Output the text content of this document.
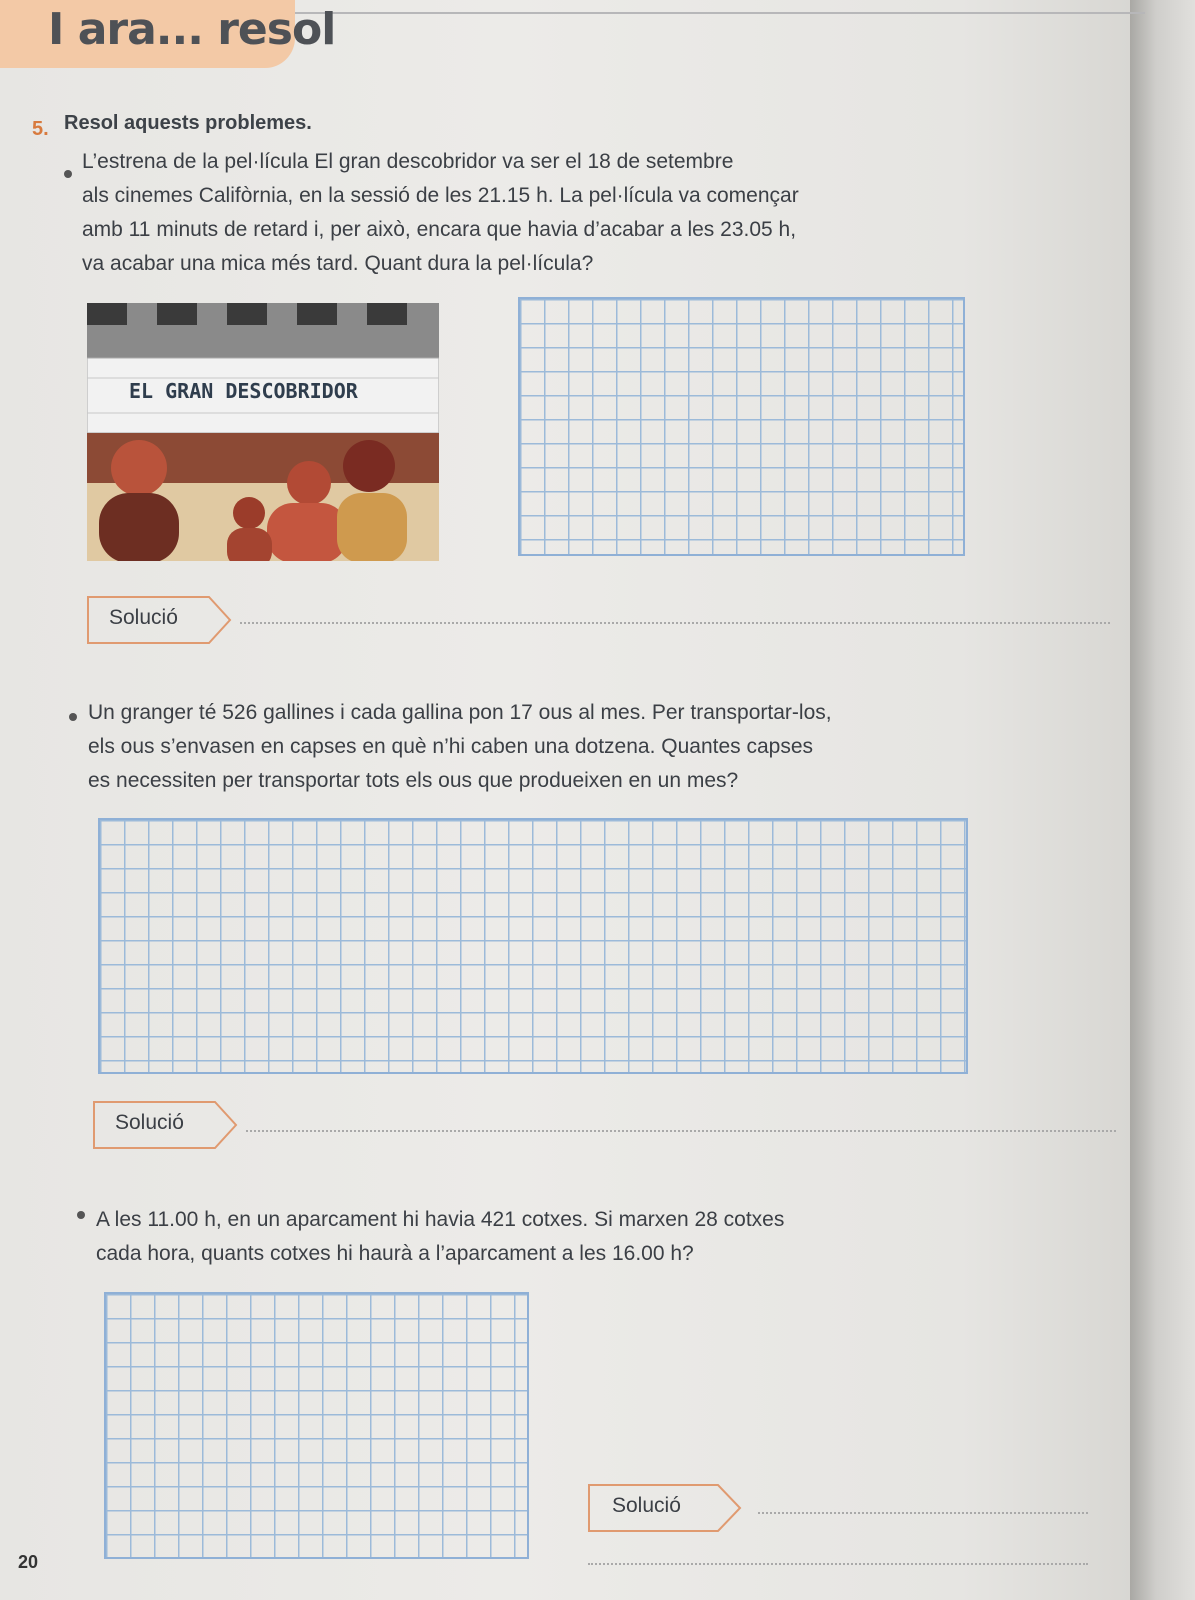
I ara... resol
5. Resol aquests problemes.

L’estrena de la pel·lícula El gran descobridor va ser el 18 de setembre

als cinemes Califòrnia, en la sessió de les 21.15 h. La pel·lícula va començar

amb 11 minuts de retard i, per això, encara que havia d’acabar a les 23.05 h,

va acabar una mica més tard. Quant dura la pel·lícula?

EL GRAN DESCOBRIDOR
Solució

Un granger té 526 gallines i cada gallina pon 17 ous al mes. Per transportar-los,

els ous s’envasen en capses en què n’hi caben una dotzena. Quantes capses

es necessiten per transportar tots els ous que produeixen en un mes?

Solució

A les 11.00 h, en un aparcament hi havia 421 cotxes. Si marxen 28 cotxes

cada hora, quants cotxes hi haurà a l’aparcament a les 16.00 h?

Solució
20
